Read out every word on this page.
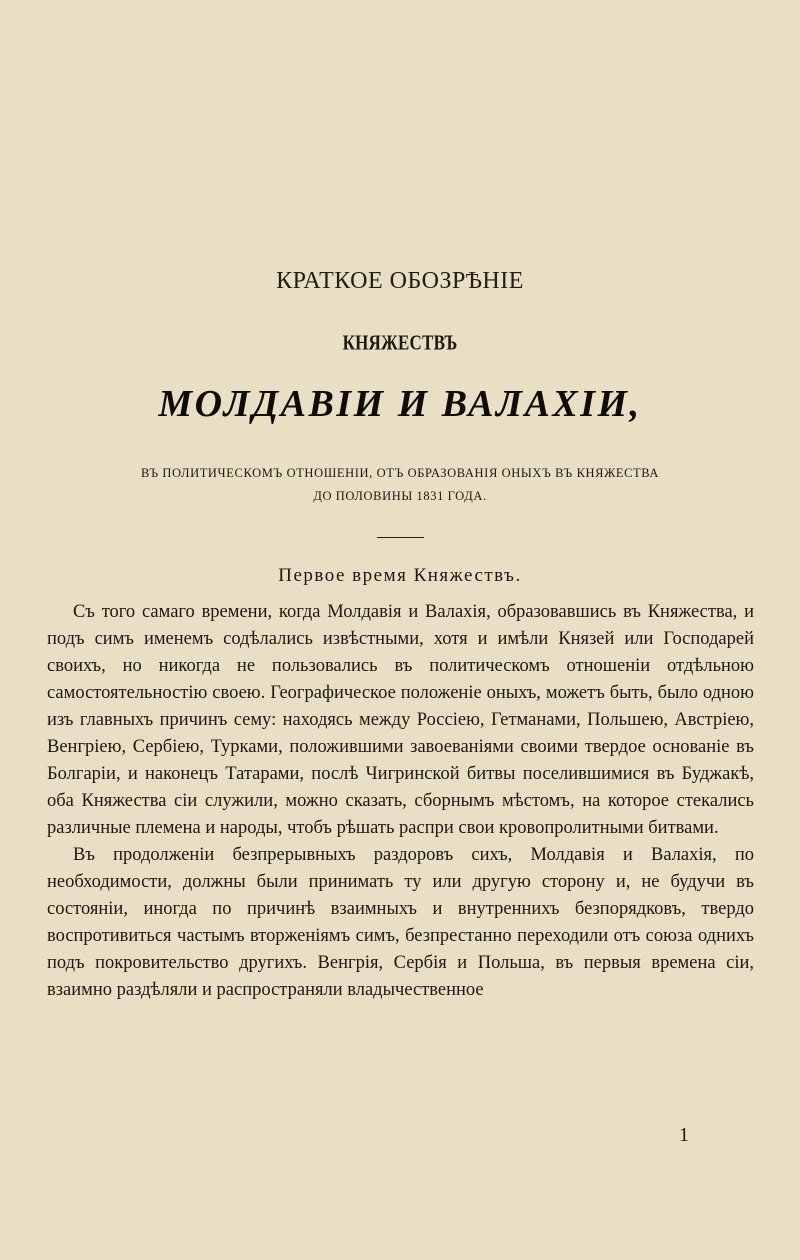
КРАТКОЕ ОБОЗРѢНІЕ
КНЯЖЕСТВЪ
МОЛДАВІИ И ВАЛАХІИ,
ВЪ ПОЛИТИЧЕСКОМЪ ОТНОШЕНІИ, ОТЪ ОБРАЗОВАНІЯ ОНЫХЪ ВЪ КНЯЖЕСТВА
ДО ПОЛОВИНЫ 1831 ГОДА.
Первое время Княжествъ.

Съ того самаго времени, когда Молдавія и Валахія, образовавшись въ Княжества, и подъ симъ именемъ содѣлались извѣстными, хотя и имѣли Князей или Господарей своихъ, но никогда не пользовались въ политическомъ отношеніи отдѣльною самостоятельностію своею. Географическое положеніе оныхъ, можетъ быть, было одною изъ главныхъ причинъ сему: находясь между Россіею, Гетманами, Польшею, Австріею, Венгріею, Сербіею, Турками, положившими завоеваніями своими твердое основаніе въ Болгаріи, и наконецъ Татарами, послѣ Чигринской битвы поселившимися въ Буджакѣ, оба Княжества сіи служили, можно сказать, сборнымъ мѣстомъ, на которое стекались различные племена и народы, чтобъ рѣшать распри свои кровопролитными битвами.

Въ продолженіи безпрерывныхъ раздоровъ сихъ, Молдавія и Валахія, по необходимости, должны были принимать ту или другую сторону и, не будучи въ состояніи, иногда по причинѣ взаимныхъ и внутреннихъ безпорядковъ, твердо воспротивиться частымъ вторженіямъ симъ, безпрестанно переходили отъ союза однихъ подъ покровительство другихъ. Венгрія, Сербія и Польша, въ первыя времена сіи, взаимно раздѣляли и распространяли владычественное

1
